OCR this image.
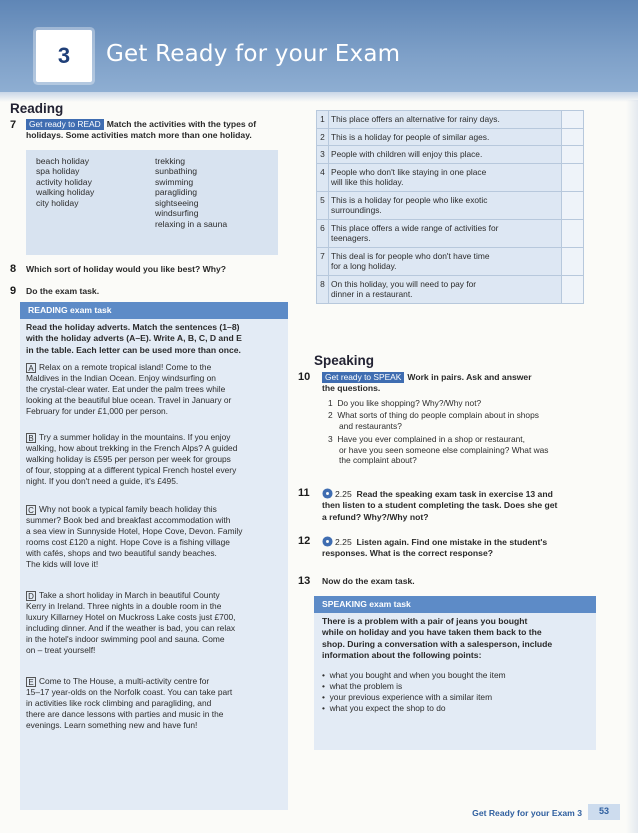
3	Get Ready for your Exam
Reading
7	Get ready to READ Match the activities with the types of
holidays. Some activities match more than one holiday.
beach holiday
spa holiday
activity holiday
walking holiday
city holiday
trekking
sunbathing
swimming
paragliding
sightseeing
windsurfing
relaxing in a sauna
8 Which sort of holiday would you like best? Why?
9 Do the exam task.
READING exam task
Read the holiday adverts. Match the sentences (1–8)
with the holiday adverts (A–E). Write A, B, C, D and E
in the table. Each letter can be used more than once.
A Relax on a remote tropical island! Come to the
Maldives in the Indian Ocean. Enjoy windsurfing on
the crystal-clear water. Eat under the palm trees while
looking at the beautiful blue ocean. Travel in January or
February for under £1,000 per person.
B Try a summer holiday in the mountains. If you enjoy
walking, how about trekking in the French Alps? A guided
walking holiday is £595 per person per week for groups
of four, stopping at a different typical French hostel every
night. If you don't need a guide, it's £495.
C Why not book a typical family beach holiday this
summer? Book bed and breakfast accommodation with
a sea view in Sunnyside Hotel, Hope Cove, Devon. Family
rooms cost £120 a night. Hope Cove is a fishing village
with cafés, shops and two beautiful sandy beaches.
The kids will love it!
D Take a short holiday in March in beautiful County
Kerry in Ireland. Three nights in a double room in the
luxury Killarney Hotel on Muckross Lake costs just £700,
including dinner. And if the weather is bad, you can relax
in the hotel's indoor swimming pool and sauna. Come
on – treat yourself!
E Come to The House, a multi-activity centre for
15–17 year-olds on the Norfolk coast. You can take part
in activities like rock climbing and paragliding, and
there are dance lessons with parties and music in the
evenings. Learn something new and have fun!
1	This place offers an alternative for rainy days.	

2	This is a holiday for people of similar ages.	

3	People with children will enjoy this place.	

4	People who don't like staying in one place
will like this holiday.	

5	This is a holiday for people who like exotic
surroundings.	

6	This place offers a wide range of activities for
teenagers.	

7	This deal is for people who don't have time
for a long holiday.	

8	On this holiday, you will need to pay for
dinner in a restaurant.	

Speaking
10	Get ready to SPEAK Work in pairs. Ask and answer
the questions.
1 Do you like shopping? Why?/Why not?
2 What sorts of thing do people complain about in shops
and restaurants?
3 Have you ever complained in a shop or restaurant,
or have you seen someone else complaining? What was
the complaint about?
11	2.25 Read the speaking exam task in exercise 13 and
then listen to a student completing the task. Does she get
a refund? Why?/Why not?
12	2.25 Listen again. Find one mistake in the student's
responses. What is the correct response?
13 Now do the exam task.
SPEAKING exam task
There is a problem with a pair of jeans you bought
while on holiday and you have taken them back to the
shop. During a conversation with a salesperson, include
information about the following points:
•  what you bought and when you bought the item
•  what the problem is
•  your previous experience with a similar item
•  what you expect the shop to do
Get Ready for your Exam 3	53
